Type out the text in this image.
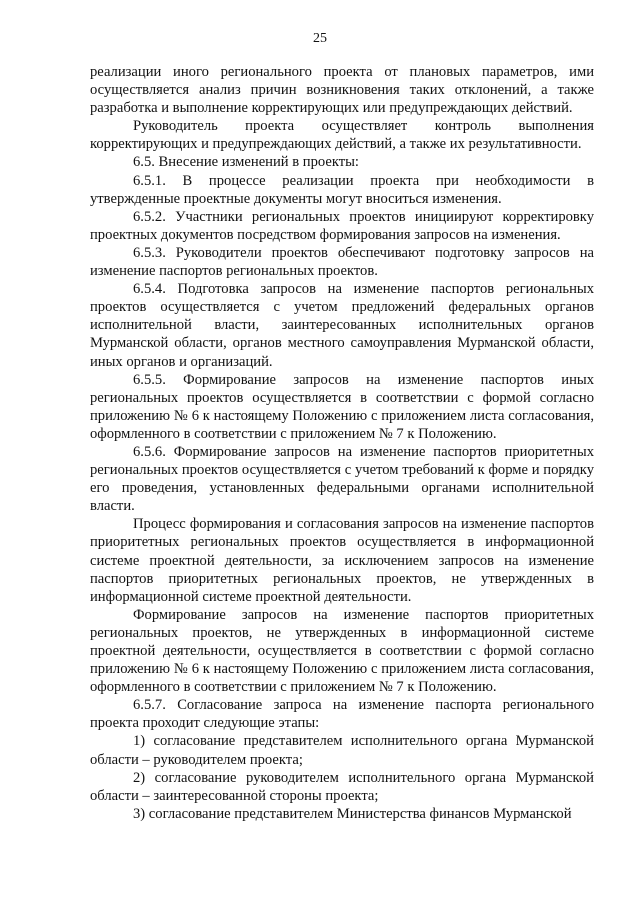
25

реализации иного регионального проекта от плановых параметров, ими осуществляется анализ причин возникновения таких отклонений, а также разработка и выполнение корректирующих или предупреждающих действий.

Руководитель проекта осуществляет контроль выполнения корректирующих и предупреждающих действий, а также их результативности.

6.5. Внесение изменений в проекты:

6.5.1. В процессе реализации проекта при необходимости в утвержденные проектные документы могут вноситься изменения.

6.5.2. Участники региональных проектов инициируют корректировку проектных документов посредством формирования запросов на изменения.

6.5.3. Руководители проектов обеспечивают подготовку запросов на изменение паспортов региональных проектов.

6.5.4. Подготовка запросов на изменение паспортов региональных проектов осуществляется с учетом предложений федеральных органов исполнительной власти, заинтересованных исполнительных органов Мурманской области, органов местного самоуправления Мурманской области, иных органов и организаций.

6.5.5. Формирование запросов на изменение паспортов иных региональных проектов осуществляется в соответствии с формой согласно приложению № 6 к настоящему Положению с приложением листа согласования, оформленного в соответствии с приложением № 7 к Положению.

6.5.6. Формирование запросов на изменение паспортов приоритетных региональных проектов осуществляется с учетом требований к форме и порядку его проведения, установленных федеральными органами исполнительной власти.

Процесс формирования и согласования запросов на изменение паспортов приоритетных региональных проектов осуществляется в информационной системе проектной деятельности, за исключением запросов на изменение паспортов приоритетных региональных проектов, не утвержденных в информационной системе проектной деятельности.

Формирование запросов на изменение паспортов приоритетных региональных проектов, не утвержденных в информационной системе проектной деятельности, осуществляется в соответствии с формой согласно приложению № 6 к настоящему Положению с приложением листа согласования, оформленного в соответствии с приложением № 7 к Положению.

6.5.7. Согласование запроса на изменение паспорта регионального проекта проходит следующие этапы:

1) согласование представителем исполнительного органа Мурманской области – руководителем проекта;

2) согласование руководителем исполнительного органа Мурманской области – заинтересованной стороны проекта;

3) согласование представителем Министерства финансов Мурманской
